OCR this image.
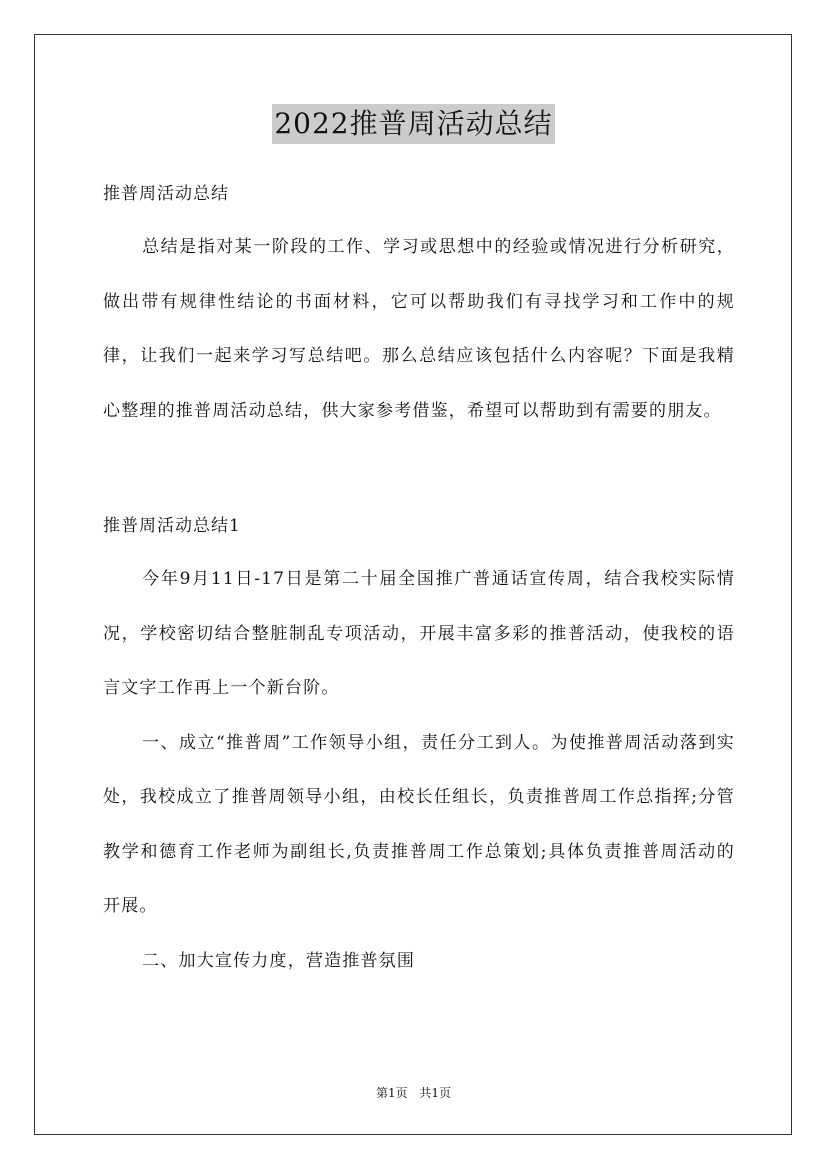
2022推普周活动总结

推普周活动总结

总结是指对某一阶段的工作、学习或思想中的经验或情况进行分析研究，做出带有规律性结论的书面材料，它可以帮助我们有寻找学习和工作中的规律，让我们一起来学习写总结吧。那么总结应该包括什么内容呢？下面是我精心整理的推普周活动总结，供大家参考借鉴，希望可以帮助到有需要的朋友。

推普周活动总结1

今年9月11日-17日是第二十届全国推广普通话宣传周，结合我校实际情况，学校密切结合整脏制乱专项活动，开展丰富多彩的推普活动，使我校的语言文字工作再上一个新台阶。

一、成立“推普周”工作领导小组，责任分工到人。为使推普周活动落到实处，我校成立了推普周领导小组，由校长任组长，负责推普周工作总指挥;分管教学和德育工作老师为副组长,负责推普周工作总策划;具体负责推普周活动的开展。

二、加大宣传力度，营造推普氛围

第1页 共1页
